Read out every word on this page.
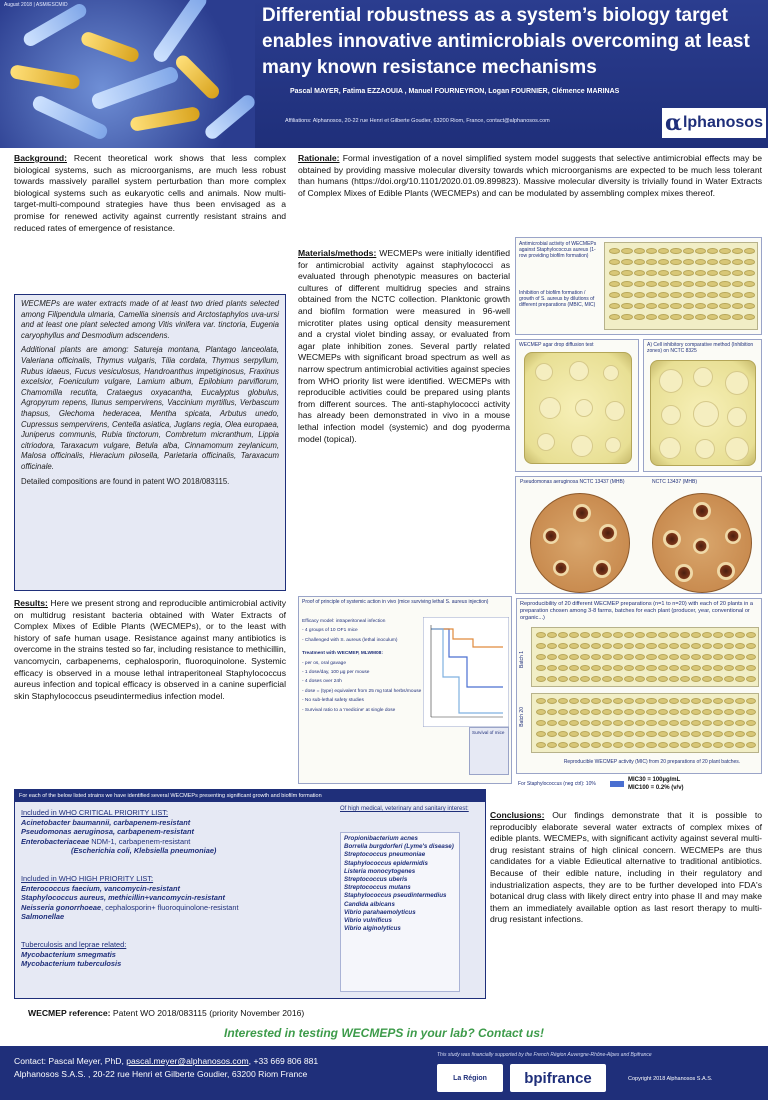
August 2018 | ASM/ESCMID	Differential robustness as a system’s biology target enables innovative antimicrobials overcoming at least many known resistance mechanisms
Pascal MAYER, Fatima EZZAOUIA , Manuel FOURNEYRON, Logan FOURNIER, Clémence MARINAS
Affiliations: Alphanosos, 20-22 rue Henri et Gilberte Goudier, 63200 Riom, France, contact@alphanosos.com	α lphanosos
Background: Recent theoretical work shows that less complex biological systems, such as microorganisms, are much less robust towards massively parallel system perturbation than more complex biological systems such as eukaryotic cells and animals. Now multi-target-multi-compound strategies have thus been envisaged as a promise for renewed activity against currently resistant strains and reduced rates of emergence of resistance.

WECMEPs are water extracts made of at least two dried plants selected among Filipendula ulmaria, Camellia sinensis and Arctostaphylos uva-ursi and at least one plant selected among Vitis vinifera var. tinctoria, Eugenia caryophyllus and Desmodium adscendens.

Additional plants are among: Satureja montana, Plantago lanceolata, Valeriana officinalis, Thymus vulgaris, Tilia cordata, Thymus serpyllum, Rubus idaeus, Fucus vesiculosus, Handroanthus impetiginosus, Fraxinus excelsior, Foeniculum vulgare, Lamium album, Epilobium parviflorum, Chamomilla recutita, Crataegus oxyacantha, Eucalyptus globulus, Agropyrum repens, Ilunus sempervirens, Vaccinium myrtillus, Verbascum thapsus, Glechoma hederacea, Mentha spicata, Arbutus unedo, Cupressus sempervirens, Centella asiatica, Juglans regia, Olea europaea, Juniperus communis, Rubia tinctorum, Combretum micranthum, Lippia citriodora, Taraxacum vulgare, Betula alba, Cinnamomum zeylanicum, Malosa officinalis, Hieracium pilosella, Parietaria officinalis, Taraxacum officinale.

Detailed compositions are found in patent WO 2018/083115.

Results: Here we present strong and reproducible antimicrobial activity on multidrug resistant bacteria obtained with Water Extracts of Complex Mixes of Edible Plants (WECMEPs), or to the least with history of safe human usage. Resistance against many antibiotics is overcome in the strains tested so far, including resistance to methicillin, vancomycin, carbapenems, cephalosporin, fluoroquinolone. Systemic efficacy is observed in a mouse lethal intraperitoneal Staphylococcus aureus infection and topical efficacy is observed in a canine superficial skin Staphylococcus pseudintermedius infection model.
Rationale: Formal investigation of a novel simplified system model suggests that selective antimicrobial effects may be obtained by providing massive molecular diversity towards which microorganisms are expected to be much less tolerant than humans (https://doi.org/10.1101/2020.01.09.899823). Massive molecular diversity is trivially found in Water Extracts of Complex Mixes of Edible Plants (WECMEPs) and can be modulated by assembling complex mixes thereof.
Materials/methods: WECMEPs were initially identified for antimicrobial activity against staphylococci as evaluated through phenotypic measures on bacterial cultures of different multidrug species and strains obtained from the NCTC collection. Planktonic growth and biofilm formation were measured in 96-well microtiter plates using optical density measurement and a crystal violet binding assay, or evaluated from agar plate inhibition zones. Several partly related WECMEPs with significant broad spectrum as well as narrow spectrum antimicrobial activities against species from WHO priority list were identified. WECMEPs with reproducible activities could be prepared using plants from different sources. The anti-staphylococci activity has already been demonstrated in vivo in a mouse lethal infection model (systemic) and dog pyoderma model (topical).
Antimicrobial activity of WECMEPs against Staphylococcus aureus (1-row providing biofilm formation)
Inhibition of biofilm formation / growth of S. aureus by dilutions of different preparations (MBIC, MIC)
WECMEP agar drop diffusion test	A) Cell inhibitory comparative method (Inhibition zones) on NCTC 8325
Pseudomonas aeruginosa NCTC 13437 (MHB)	NCTC 13437 (MHB)
Proof of principle of systemic action in vivo (mice surviving lethal S. aureus injection)
Efficacy model: intraperitoneal infection
- 4 groups of 10 OF1 mice
- Challenged with S. aureus (lethal inoculum)
Treatment with WECMEP, MLWM08:
- per os, oral gavage
- 1 dose/day, 100 µg per mouse
- 4 doses over 24h
- dose = (type) equivalent from 25 mg total herbs/mouse
- No sub-lethal safety studies
- Survival ratio to a 'medicine' at single dose
Survival of mice
Reproducibility of 20 different WECMEP preparations (n=1 to n=20) with each of 20 plants in a preparation chosen among 3-8 farms, batches for each plant (producer, year, conventional or organic...)
Batch 1
Batch 20
Reproducible WECMEP activity (MIC) from 20 preparations of 20 plant batches.
For Staphylococcus (neg ctrl): 10%
MIC30 = 100µg/mL
MIC100 = 0.2% (v/v)
For each of the below listed strains we have identified several WECMEPs presenting significant growth and biofilm formation
Included in WHO CRITICAL PRIORITY LIST:
Acinetobacter baumannii, carbapenem-resistant
Pseudomonas aeruginosa, carbapenem-resistant
Enterobacteriaceae NDM-1, carbapenem-resistant
(Escherichia coli, Klebsiella pneumoniae)
Included in WHO HIGH PRIORITY LIST:
Enterococcus faecium, vancomycin-resistant
Staphylococcus aureus, methicillin+vancomycin-resistant
Neisseria gonorrhoeae, cephalosporin+ fluoroquinolone-resistant
Salmonellae
Tuberculosis and leprae related:
Mycobacterium smegmatis
Mycobacterium tuberculosis
Of high medical, veterinary and sanitary interest:
Propionibacterium acnes
Borrelia burgdorferi (Lyme's disease)
Streptococcus pneumoniae
Staphylococcus epidermidis
Listeria monocytogenes
Streptococcus uberis
Streptococcus mutans
Staphylococcus pseudintermedius
Candida albicans
Vibrio parahaemolyticus
Vibrio vulnificus
Vibrio alginolyticus
Conclusions: Our findings demonstrate that it is possible to reproducibly elaborate several water extracts of complex mixes of edible plants. WECMEPs, with significant activity against several multi-drug resistant strains of high clinical concern. WECMEPs are thus candidates for a viable Edieutical alternative to traditional antibiotics. Because of their edible nature, including in their regulatory and industrialization aspects, they are to be further developed into FDA's botanical drug class with likely direct entry into phase II and may make them an immediately available option as last resort therapy to multi-drug resistant infections.
WECMEP reference: Patent WO 2018/083115 (priority November 2016)
Interested in testing WECMEPS in your lab? Contact us!
Contact: Pascal Meyer, PhD, pascal.meyer@alphanosos.com, +33 669 806 881
Alphanosos S.A.S. , 20-22 rue Henri et Gilberte Goudier, 63200 Riom France
This study was financially supported by the French Région Auvergne-Rhône-Alpes and Bpifrance
La Région bpifrance	Copyright 2018 Alphanosos S.A.S.
